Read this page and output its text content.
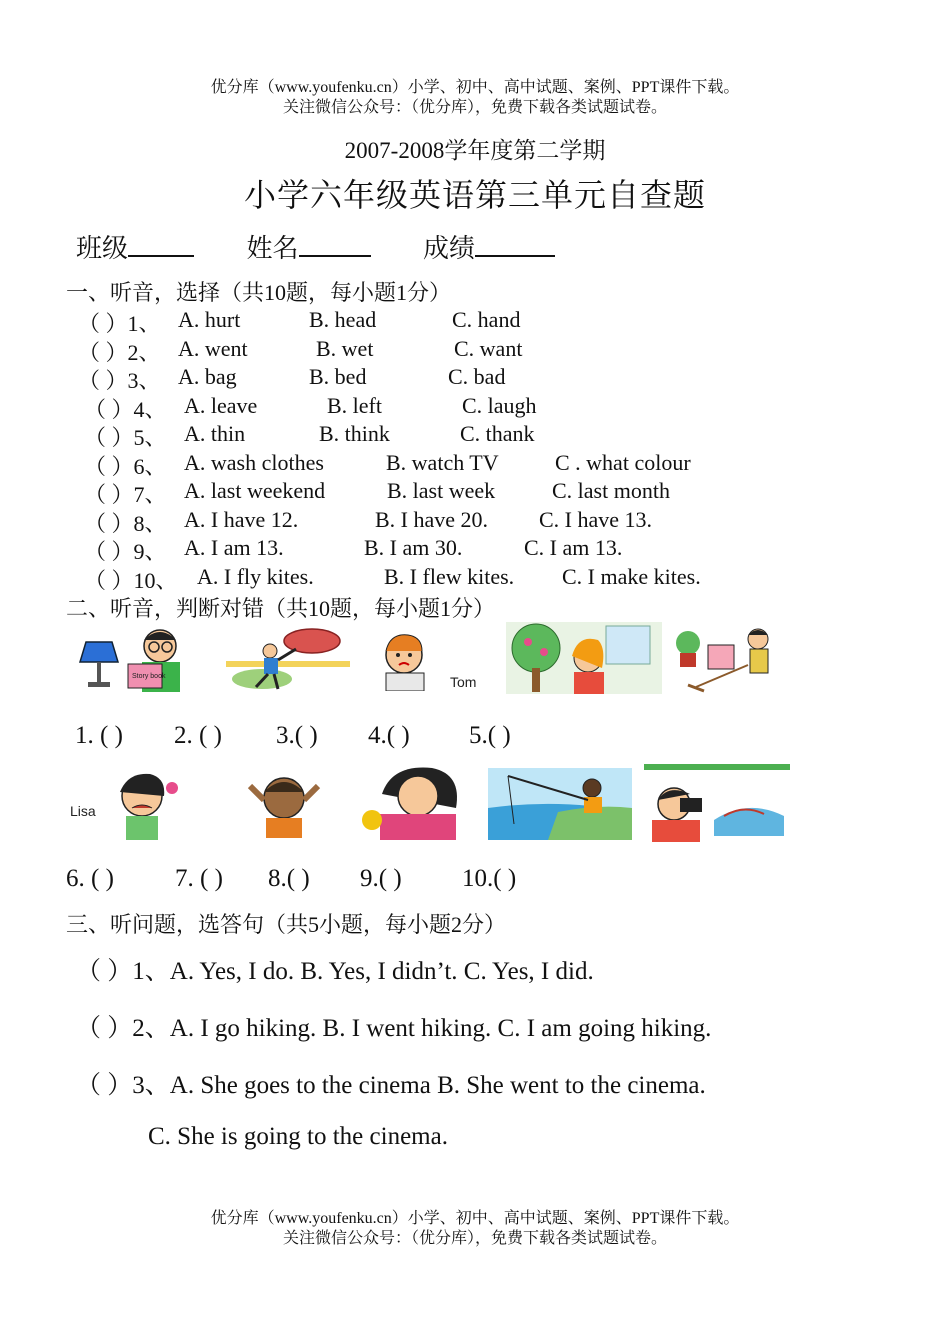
优分库（www.youfenku.cn）小学、初中、高中试题、案例、PPT课件下载。
关注微信公众号：（优分库），免费下载各类试题试卷。
2007-2008学年度第二学期
小学六年级英语第三单元自查题
班级	姓名	成绩
一、听音，选择（共10题，每小题1分）
（ ）1、 A. hurt	B. head	C. hand
（ ）2、 A. went	B. wet	C. want
（ ）3、 A. bag	B. bed	C. bad
（ ）4、 A. leave	B. left	C. laugh
（ ）5、 A. thin	B. think	C. thank
（ ）6、 A. wash clothes	B. watch TV	C . what colour
（ ）7、 A. last weekend	B. last week	C. last month
（ ）8、 A. I have 12.	B. I have 20. C. I have 13.
（ ）9、 A. I am 13.	B. I am 30.	C. I am 13.
（ ）10、 A. I fly kites.	B. I flew kites. C. I make kites.
二、听音，判断对错（共10题，每小题1分）
Story book	Tom
1. ( ) 2. ( ) 3.( ) 4.( ) 5.( )
Lisa
6. ( ) 7. ( ) 8.( ) 9.( ) 10.( )
三、听问题，选答句（共5小题，每小题2分）
（ ）1、A. Yes, I do. B. Yes, I didn’t. C. Yes, I did.
（ ）2、A. I go hiking. B. I went hiking. C. I am going hiking.
（ ）3、A. She goes to the cinema B. She went to the cinema.
C. She is going to the cinema.
优分库（www.youfenku.cn）小学、初中、高中试题、案例、PPT课件下载。
关注微信公众号：（优分库），免费下载各类试题试卷。
